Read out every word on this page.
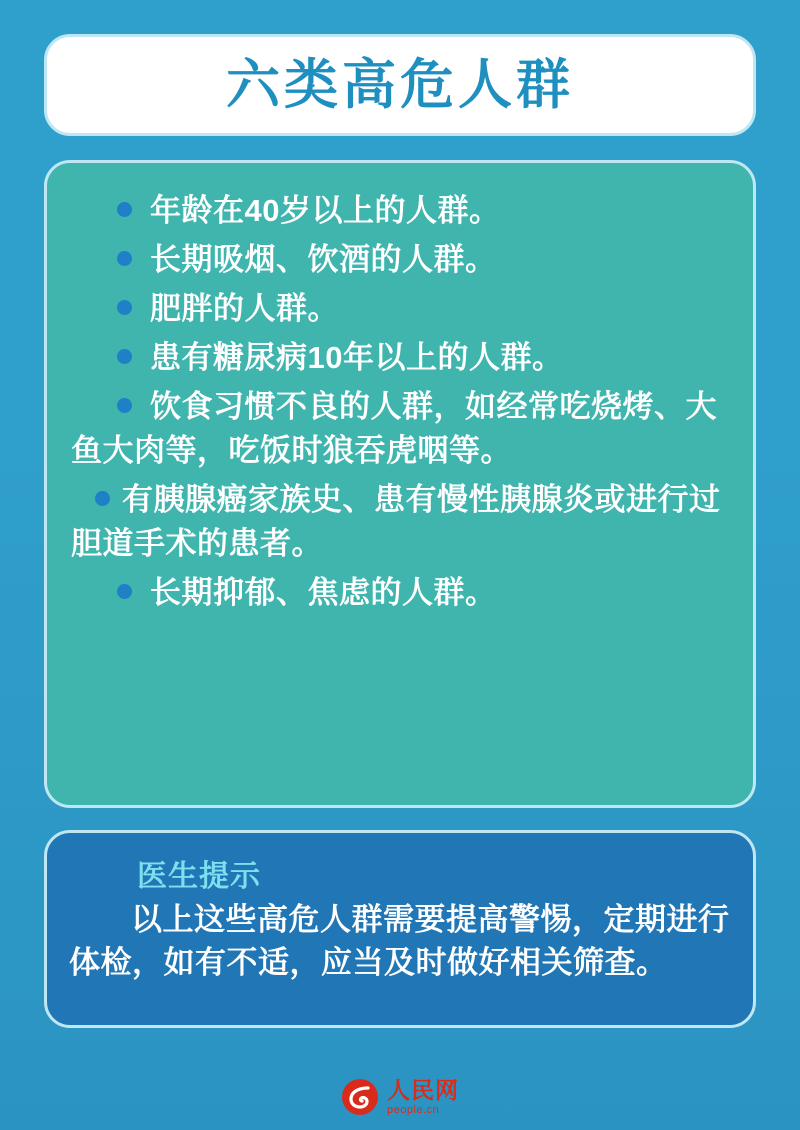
六类高危人群
年龄在40岁以上的人群。
长期吸烟、饮酒的人群。
肥胖的人群。
患有糖尿病10年以上的人群。
饮食习惯不良的人群，如经常吃烧烤、大鱼大肉等，吃饭时狼吞虎咽等。
有胰腺癌家族史、患有慢性胰腺炎或进行过胆道手术的患者。
长期抑郁、焦虑的人群。
医生提示
以上这些高危人群需要提高警惕，定期进行体检，如有不适，应当及时做好相关筛查。
人民网
people.cn
